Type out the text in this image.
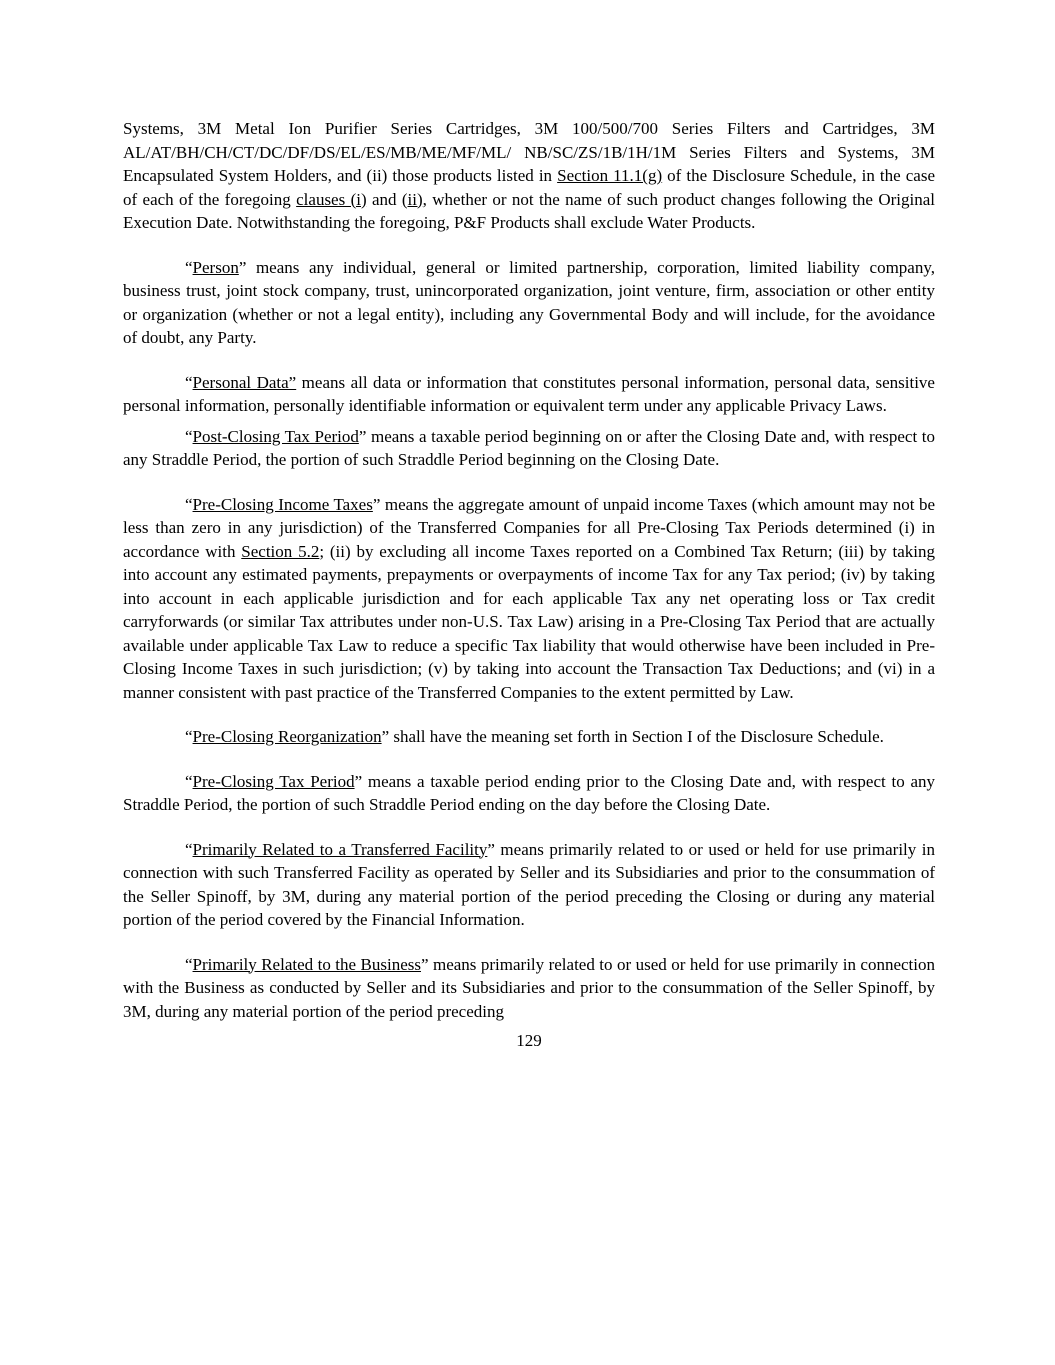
Systems, 3M Metal Ion Purifier Series Cartridges, 3M 100/500/700 Series Filters and Cartridges, 3M AL/AT/BH/CH/CT/DC/DF/DS/EL/ES/MB/ME/MF/ML/ NB/SC/ZS/1B/1H/1M Series Filters and Systems, 3M Encapsulated System Holders, and (ii) those products listed in Section 11.1(g) of the Disclosure Schedule, in the case of each of the foregoing clauses (i) and (ii), whether or not the name of such product changes following the Original Execution Date. Notwithstanding the foregoing, P&F Products shall exclude Water Products.

“Person” means any individual, general or limited partnership, corporation, limited liability company, business trust, joint stock company, trust, unincorporated organization, joint venture, firm, association or other entity or organization (whether or not a legal entity), including any Governmental Body and will include, for the avoidance of doubt, any Party.

“Personal Data” means all data or information that constitutes personal information, personal data, sensitive personal information, personally identifiable information or equivalent term under any applicable Privacy Laws.

“Post-Closing Tax Period” means a taxable period beginning on or after the Closing Date and, with respect to any Straddle Period, the portion of such Straddle Period beginning on the Closing Date.

“Pre-Closing Income Taxes” means the aggregate amount of unpaid income Taxes (which amount may not be less than zero in any jurisdiction) of the Transferred Companies for all Pre-Closing Tax Periods determined (i) in accordance with Section 5.2; (ii) by excluding all income Taxes reported on a Combined Tax Return; (iii) by taking into account any estimated payments, prepayments or overpayments of income Tax for any Tax period; (iv) by taking into account in each applicable jurisdiction and for each applicable Tax any net operating loss or Tax credit carryforwards (or similar Tax attributes under non-U.S. Tax Law) arising in a Pre-Closing Tax Period that are actually available under applicable Tax Law to reduce a specific Tax liability that would otherwise have been included in Pre-Closing Income Taxes in such jurisdiction; (v) by taking into account the Transaction Tax Deductions; and (vi) in a manner consistent with past practice of the Transferred Companies to the extent permitted by Law.

“Pre-Closing Reorganization” shall have the meaning set forth in Section I of the Disclosure Schedule.

“Pre-Closing Tax Period” means a taxable period ending prior to the Closing Date and, with respect to any Straddle Period, the portion of such Straddle Period ending on the day before the Closing Date.

“Primarily Related to a Transferred Facility” means primarily related to or used or held for use primarily in connection with such Transferred Facility as operated by Seller and its Subsidiaries and prior to the consummation of the Seller Spinoff, by 3M, during any material portion of the period preceding the Closing or during any material portion of the period covered by the Financial Information.

“Primarily Related to the Business” means primarily related to or used or held for use primarily in connection with the Business as conducted by Seller and its Subsidiaries and prior to the consummation of the Seller Spinoff, by 3M, during any material portion of the period preceding

129
